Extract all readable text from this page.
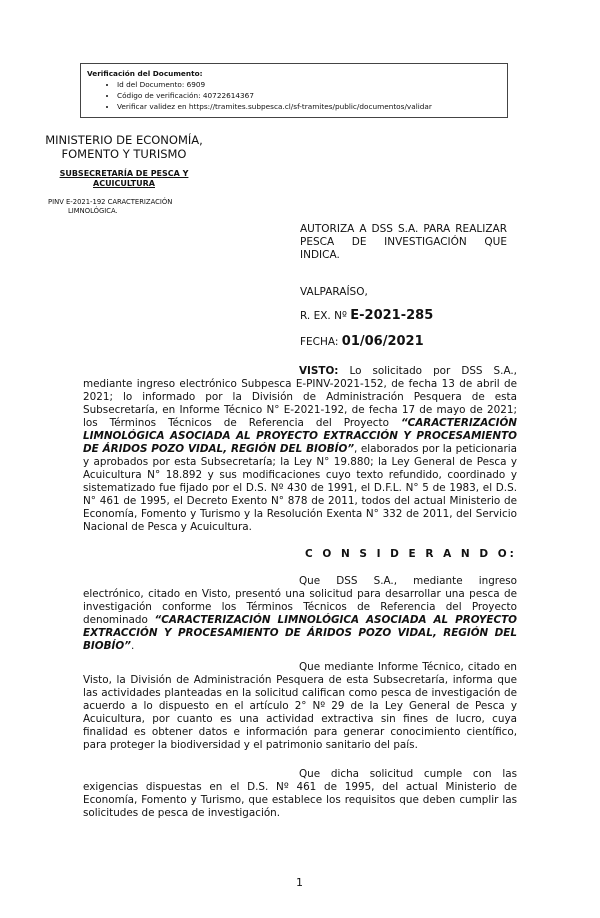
Verificación del Documento:
• Id del Documento: 6909
• Código de verificación: 40722614367
• Verificar validez en https://tramites.subpesca.cl/sf-tramites/public/documentos/validar
MINISTERIO DE ECONOMÍA,
FOMENTO Y TURISMO
SUBSECRETARÍA DE PESCA Y
ACUICULTURA
PINV E-2021-192 CARACTERIZACIÓN
LIMNOLÓGICA.
AUTORIZA A DSS S.A. PARA REALIZAR PESCA DE INVESTIGACIÓN QUE INDICA.
VALPARAÍSO,
R. EX. Nº E-2021-285
FECHA: 01/06/2021
VISTO: Lo solicitado por DSS S.A., mediante ingreso electrónico Subpesca E-PINV-2021-152, de fecha 13 de abril de 2021; lo informado por la División de Administración Pesquera de esta Subsecretaría, en Informe Técnico N° E-2021-192, de fecha 17 de mayo de 2021; los Términos Técnicos de Referencia del Proyecto “CARACTERIZACIÓN LIMNOLÓGICA ASOCIADA AL PROYECTO EXTRACCIÓN Y PROCESAMIENTO DE ÁRIDOS POZO VIDAL, REGIÓN DEL BIOBÍO”, elaborados por la peticionaria y aprobados por esta Subsecretaría; la Ley N° 19.880; la Ley General de Pesca y Acuicultura N° 18.892 y sus modificaciones cuyo texto refundido, coordinado y sistematizado fue fijado por el D.S. Nº 430 de 1991, el D.F.L. N° 5 de 1983, el D.S. N° 461 de 1995, el Decreto Exento N° 878 de 2011, todos del actual Ministerio de Economía, Fomento y Turismo y la Resolución Exenta N° 332 de 2011, del Servicio Nacional de Pesca y Acuicultura.
C O N S I D E R A N D O:
Que DSS S.A., mediante ingreso electrónico, citado en Visto, presentó una solicitud para desarrollar una pesca de investigación conforme los Términos Técnicos de Referencia del Proyecto denominado “CARACTERIZACIÓN LIMNOLÓGICA ASOCIADA AL PROYECTO EXTRACCIÓN Y PROCESAMIENTO DE ÁRIDOS POZO VIDAL, REGIÓN DEL BIOBÍO”.
Que mediante Informe Técnico, citado en Visto, la División de Administración Pesquera de esta Subsecretaría, informa que las actividades planteadas en la solicitud califican como pesca de investigación de acuerdo a lo dispuesto en el artículo 2° Nº 29 de la Ley General de Pesca y Acuicultura, por cuanto es una actividad extractiva sin fines de lucro, cuya finalidad es obtener datos e información para generar conocimiento científico, para proteger la biodiversidad y el patrimonio sanitario del país.
Que dicha solicitud cumple con las exigencias dispuestas en el D.S. Nº 461 de 1995, del actual Ministerio de Economía, Fomento y Turismo, que establece los requisitos que deben cumplir las solicitudes de pesca de investigación.
1
